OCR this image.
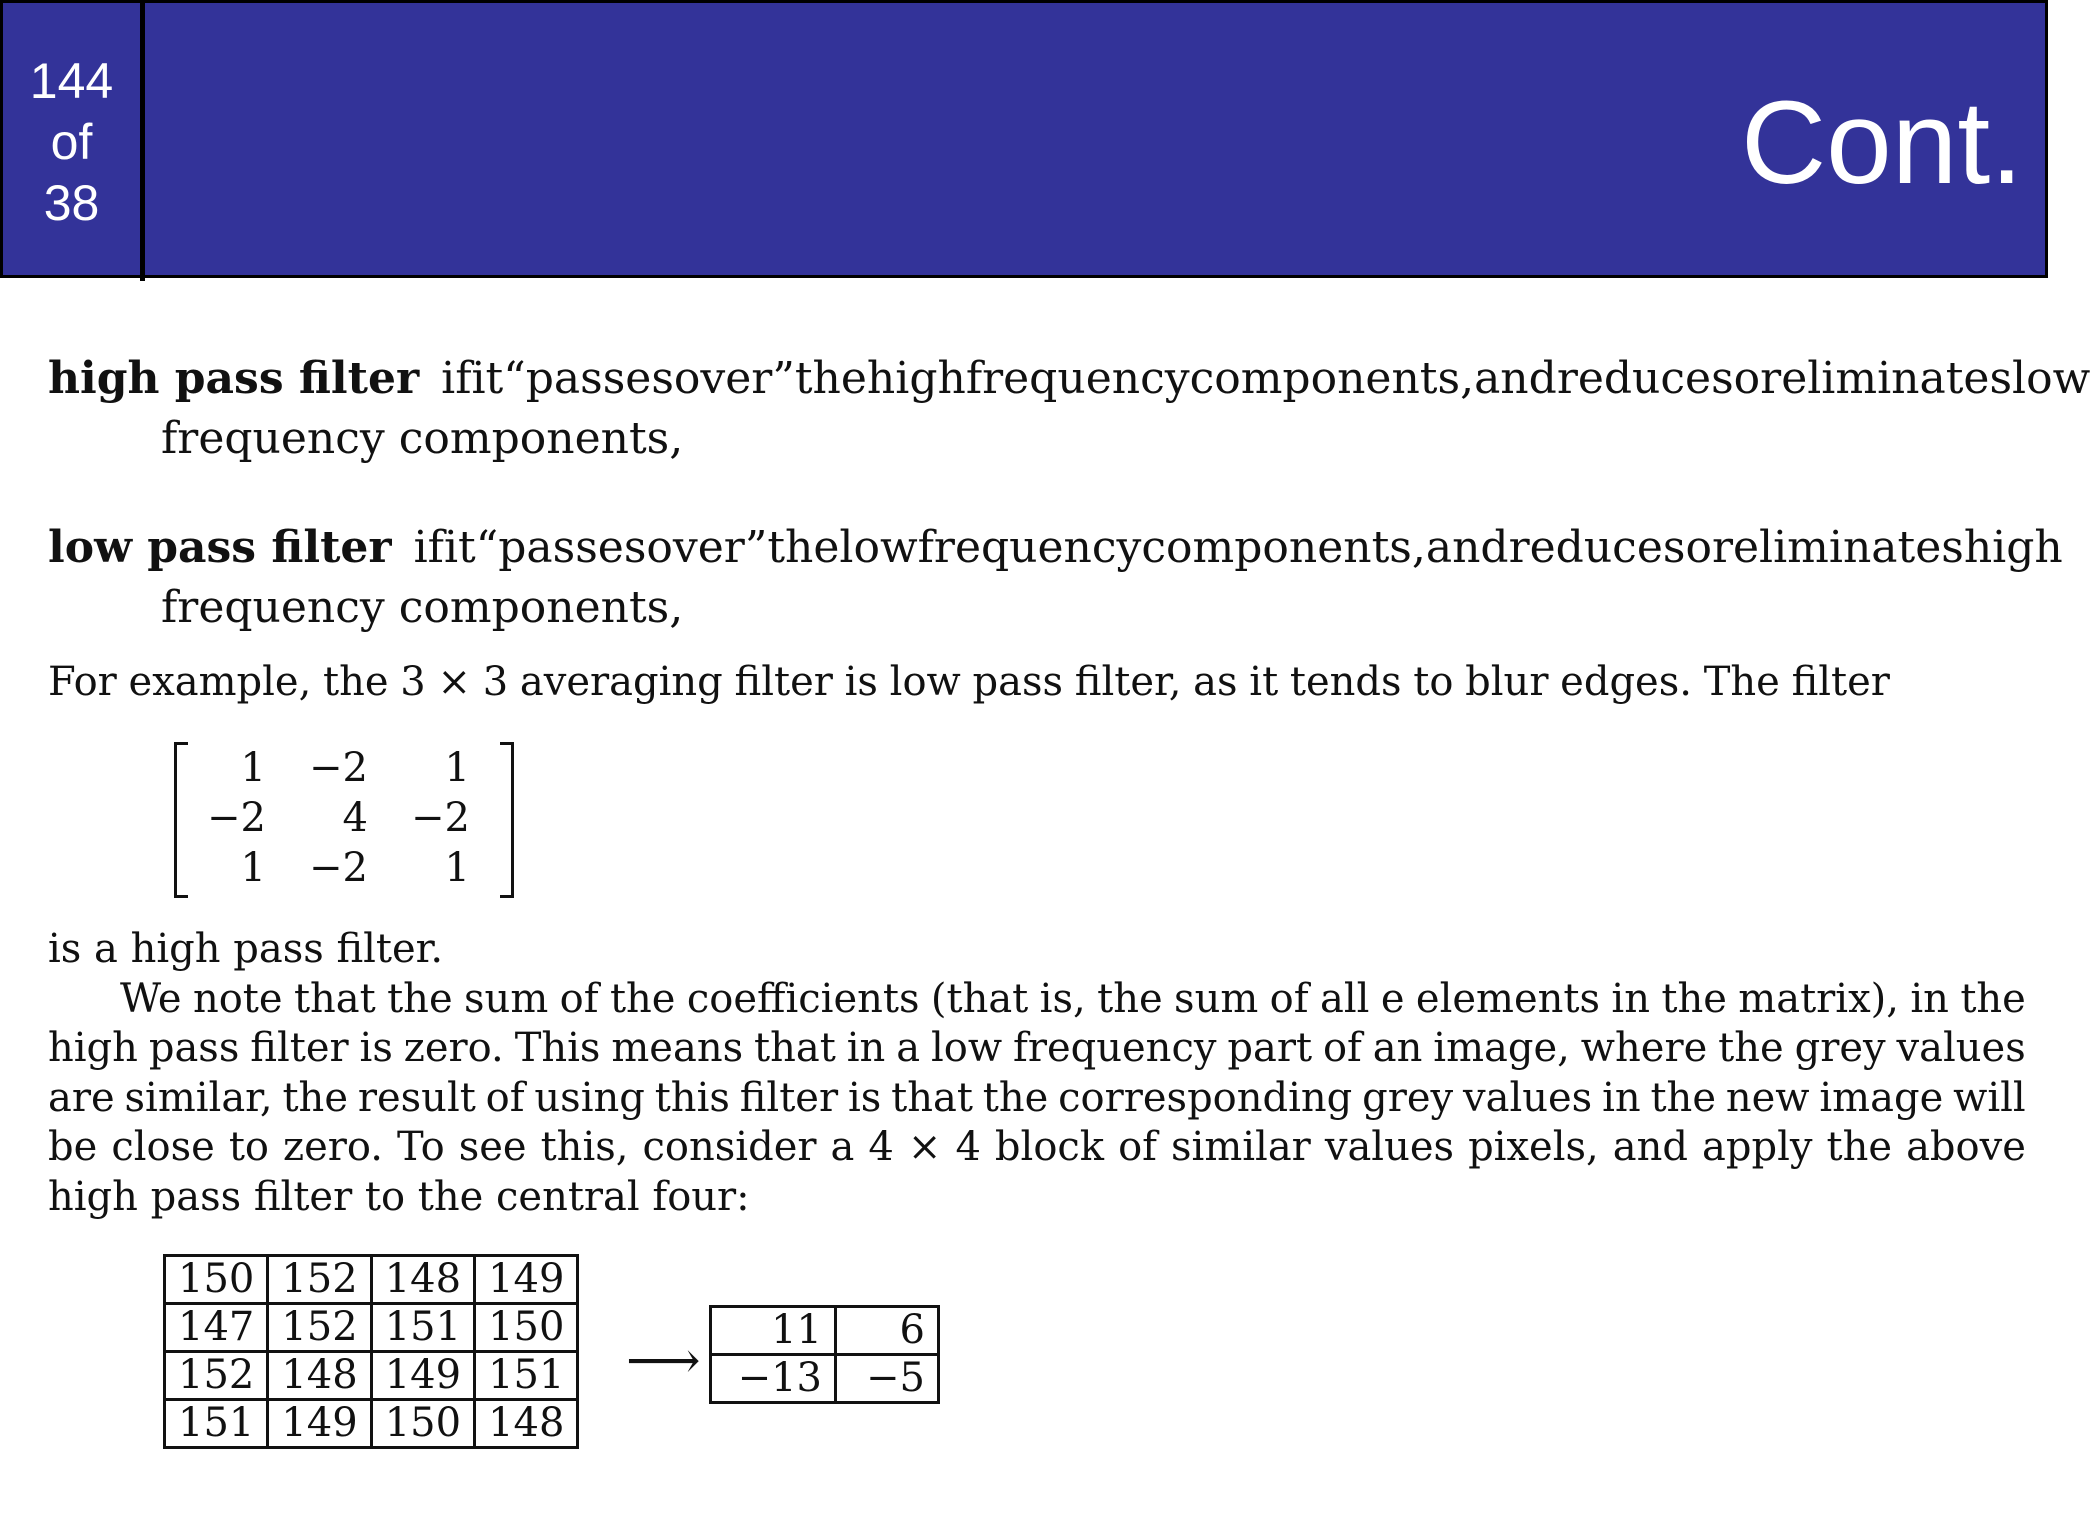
144
of
38	Cont.
high pass filter if it “passes over” the high frequency components, and reduces or eliminates low
frequency components,
low pass filter if it “passes over” the low frequency components, and reduces or eliminates high
frequency components,
For example, the 3 × 3 averaging filter is low pass filter, as it tends to blur edges. The filter
1	−2	1
−2	4	−2
1	−2	1
is a high pass filter.
We note that the sum of the coefficients (that is, the sum of all e elements in the matrix), in the
high pass filter is zero. This means that in a low frequency part of an image, where the grey values
are similar, the result of using this filter is that the corresponding grey values in the new image will
be close to zero. To see this, consider a 4 × 4 block of similar values pixels, and apply the above
high pass filter to the central four:
150	152	148	149
147	152	151	150
152	148	149	151
151	149	150	148
⟶
11	6
−13	−5
